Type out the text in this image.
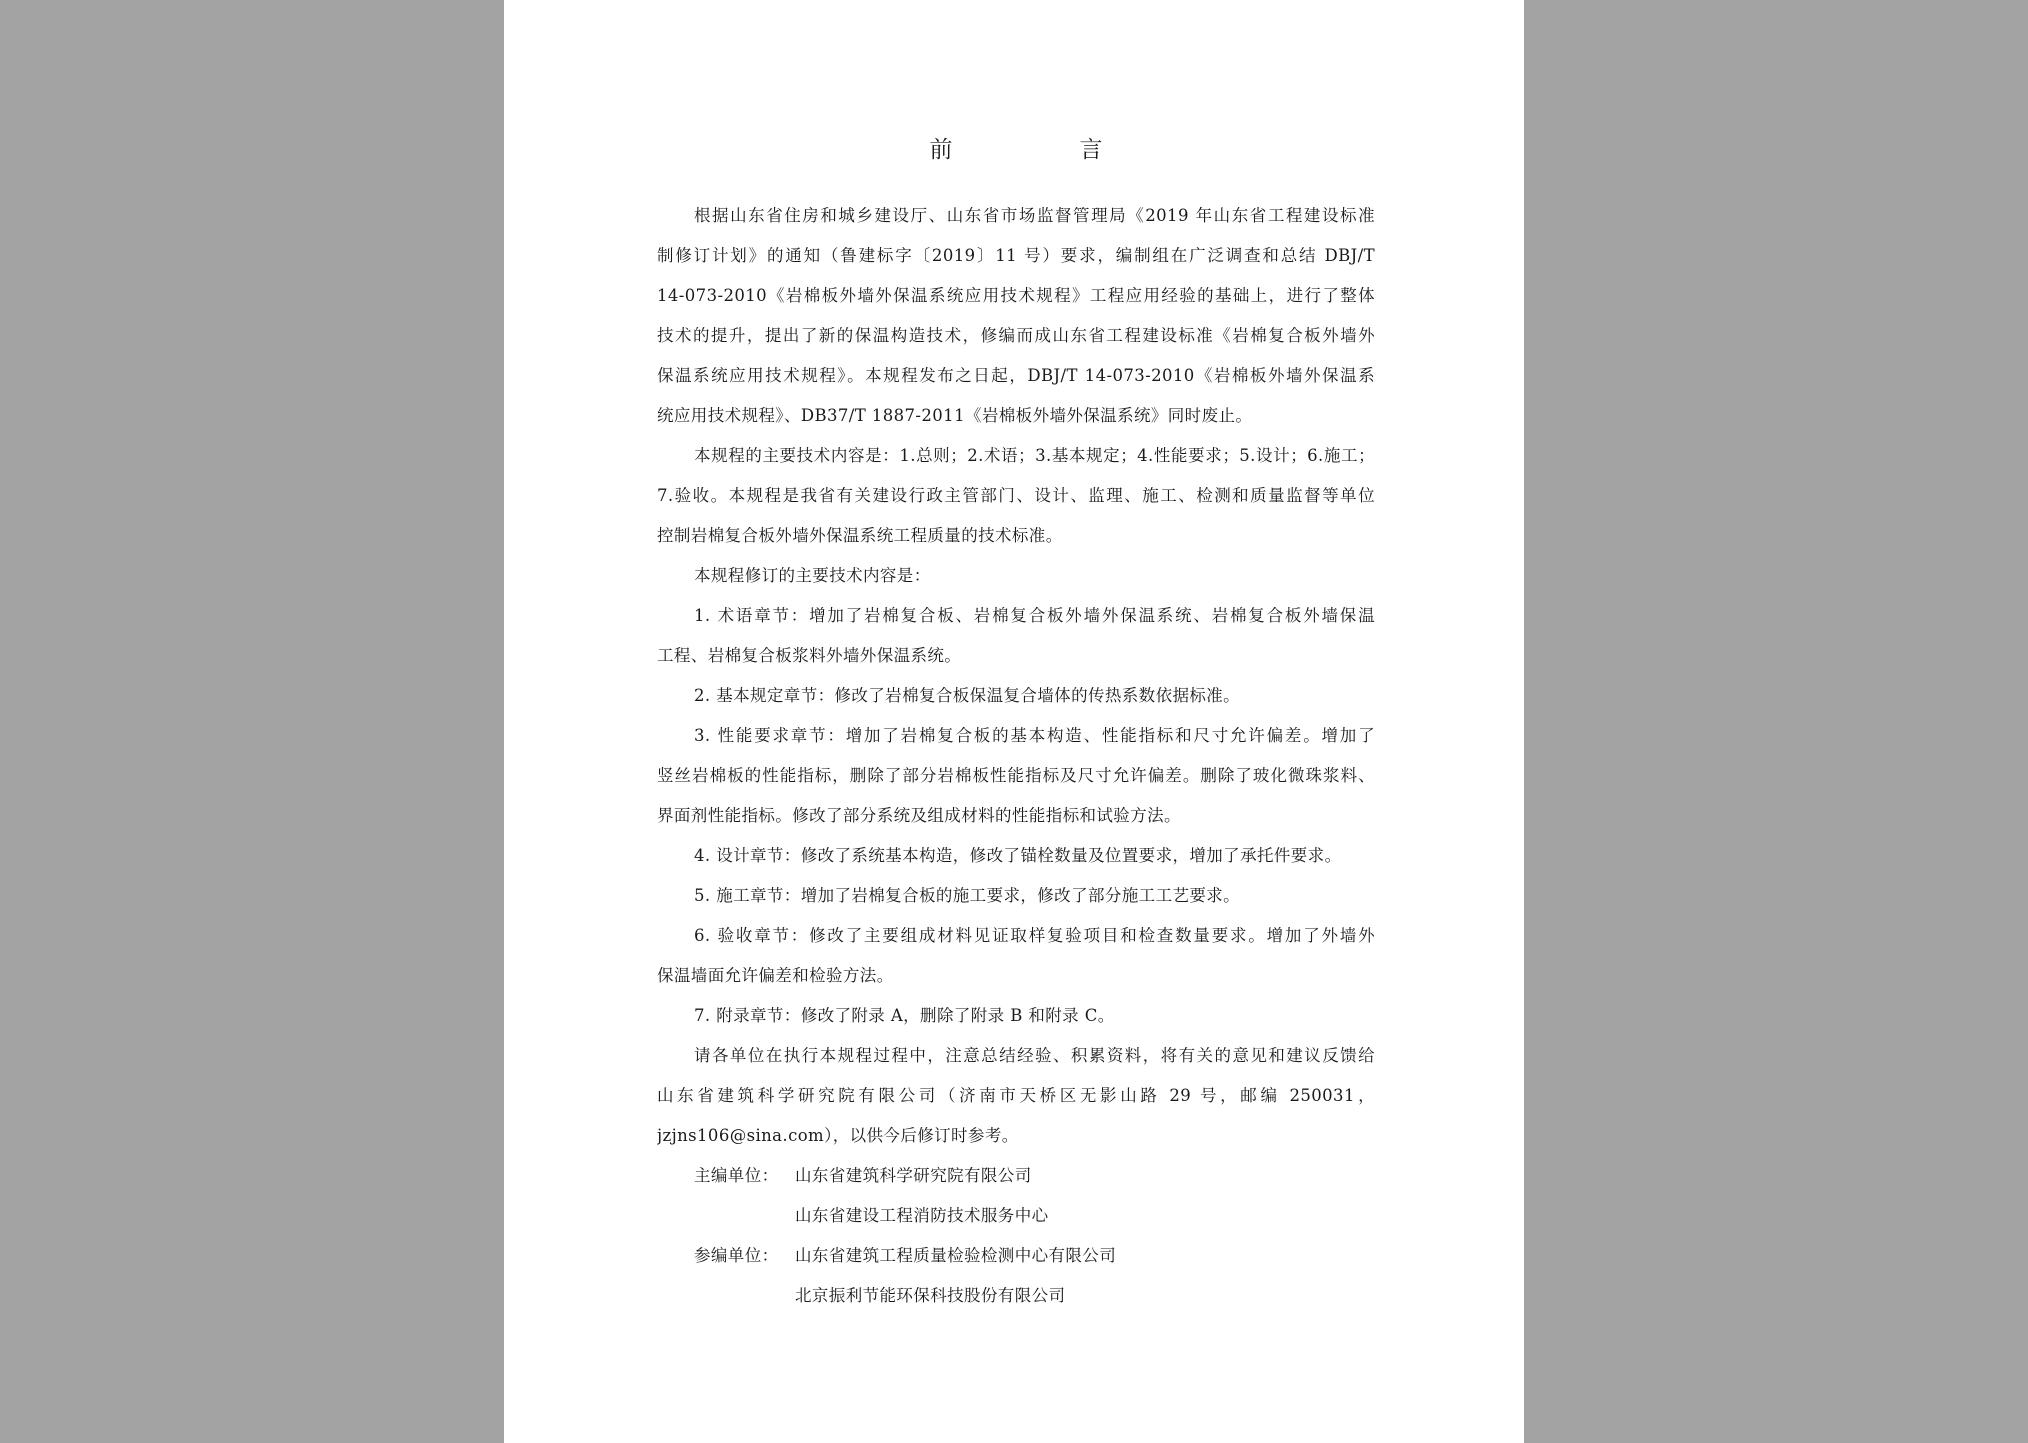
前　言
根据山东省住房和城乡建设厅、山东省市场监督管理局《2019 年山东省工程建设标准
制修订计划》的通知（鲁建标字〔2019〕11 号）要求，编制组在广泛调查和总结 DBJ/T
14-073-2010《岩棉板外墙外保温系统应用技术规程》工程应用经验的基础上，进行了整体
技术的提升，提出了新的保温构造技术，修编而成山东省工程建设标准《岩棉复合板外墙外
保温系统应用技术规程》。本规程发布之日起，DBJ/T 14-073-2010《岩棉板外墙外保温系
统应用技术规程》、DB37/T 1887-2011《岩棉板外墙外保温系统》同时废止。
本规程的主要技术内容是：1.总则；2.术语；3.基本规定；4.性能要求；5.设计；6.施工；
7.验收。本规程是我省有关建设行政主管部门、设计、监理、施工、检测和质量监督等单位
控制岩棉复合板外墙外保温系统工程质量的技术标准。
本规程修订的主要技术内容是：
1. 术语章节：增加了岩棉复合板、岩棉复合板外墙外保温系统、岩棉复合板外墙保温
工程、岩棉复合板浆料外墙外保温系统。
2. 基本规定章节：修改了岩棉复合板保温复合墙体的传热系数依据标准。
3. 性能要求章节：增加了岩棉复合板的基本构造、性能指标和尺寸允许偏差。增加了
竖丝岩棉板的性能指标，删除了部分岩棉板性能指标及尺寸允许偏差。删除了玻化微珠浆料、
界面剂性能指标。修改了部分系统及组成材料的性能指标和试验方法。
4. 设计章节：修改了系统基本构造，修改了锚栓数量及位置要求，增加了承托件要求。
5. 施工章节：增加了岩棉复合板的施工要求，修改了部分施工工艺要求。
6. 验收章节：修改了主要组成材料见证取样复验项目和检查数量要求。增加了外墙外
保温墙面允许偏差和检验方法。
7. 附录章节：修改了附录 A，删除了附录 B 和附录 C。
请各单位在执行本规程过程中，注意总结经验、积累资料，将有关的意见和建议反馈给
山东省建筑科学研究院有限公司（济南市天桥区无影山路 29 号，邮编 250031，
jzjns106@sina.com），以供今后修订时参考。
主编单位：	山东省建筑科学研究院有限公司
山东省建设工程消防技术服务中心
参编单位：	山东省建筑工程质量检验检测中心有限公司
北京振利节能环保科技股份有限公司
